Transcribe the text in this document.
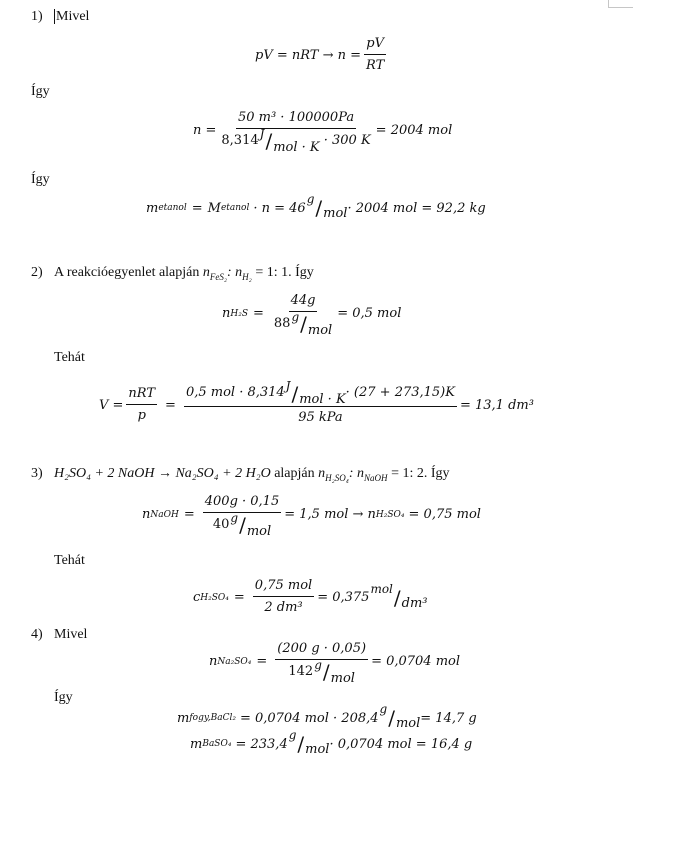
1) Mivel
pV = nRT → $n = \frac{pV}{RT}$
Így
$n = \frac{\text{50 m³ · 100000Pa}}{\text{8,314 J / mol · K · 300 K}} = 2004$ mol
Így
m etanol = M etanol · n = 46
g / mol · 2004 mol = 92,2 kg
2) A reakcióegyenlet alapján $n_{FeS_2}$: $n_{H_2} = 1$: 1. Így
n $H_2S = \frac{44g}{\text{88 g / mol}} = 0,5$ mol
Tehát
$V = \frac{\text{nRT}}{p} = \frac{\text{0,5 mol · 8,314 J / mol · K · (27 + 273,15)K}}{\text{95 kPa}} = 13,1$ dm³
3) H₂SO₄ + 2 NaOH → Na₂SO₄ + 2 H₂O alapján $n_{H_2SO_4}$: $n_{NaOH} = 1$: 2. Így
n NaOH = $\frac{400g \cdot 0,15}{\text{40 g / mol}} = 1,5$ mol → n H₂SO₄ = 0,75 mol
Tehát
c $H_2SO_4 = \frac{\text{0,75 mol}}{\text{2 dm³}} = 0,375$
mol / dm³
4) Mivel
n $Na_2SO_4 = \frac{(200 g \cdot 0,05)}{\text{142 g / mol}} = 0,0704$ mol
Így
m fogy,BaCl₂ = 0,0704 mol · 208,4
g / mol = 14,7 g
m BaSO₄ = 233,4
g / mol · 0,0704 mol = 16,4 g
